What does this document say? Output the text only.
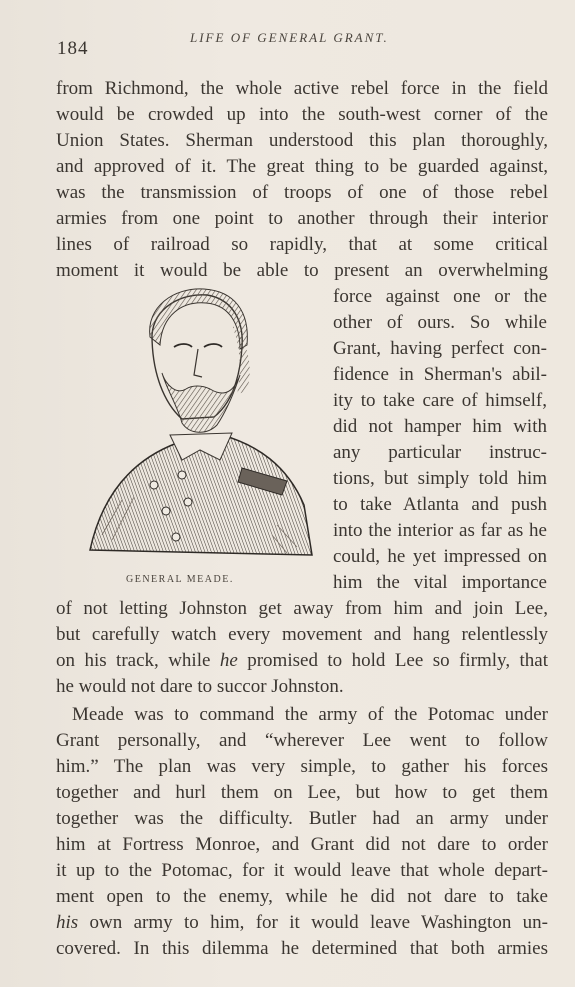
184
LIFE OF GENERAL GRANT.
from Richmond, the whole active rebel force in the field
would be crowded up into the south-west corner of the
Union States. Sherman understood this plan thoroughly,
and approved of it. The great thing to be guarded against,
was the transmission of troops of one of those rebel
armies from one point to another through their interior
lines of railroad so rapidly, that at some critical
moment it would be able to present an overwhelming
GENERAL MEADE.
force against one or the
other of ours. So while
Grant, having perfect con-
fidence in Sherman's abil-
ity to take care of himself,
did not hamper him with
any particular instruc-
tions, but simply told him
to take Atlanta and push
into the interior as far as he
could, he yet impressed on
him the vital importance
of not letting Johnston get away from him and join Lee,
but carefully watch every movement and hang relentlessly
on his track, while he promised to hold Lee so firmly, that
he would not dare to succor Johnston.
Meade was to command the army of the Potomac under
Grant personally, and “wherever Lee went to follow
him.” The plan was very simple, to gather his forces
together and hurl them on Lee, but how to get them
together was the difficulty. Butler had an army under
him at Fortress Monroe, and Grant did not dare to order
it up to the Potomac, for it would leave that whole depart-
ment open to the enemy, while he did not dare to take
his own army to him, for it would leave Washington un-
covered. In this dilemma he determined that both armies
